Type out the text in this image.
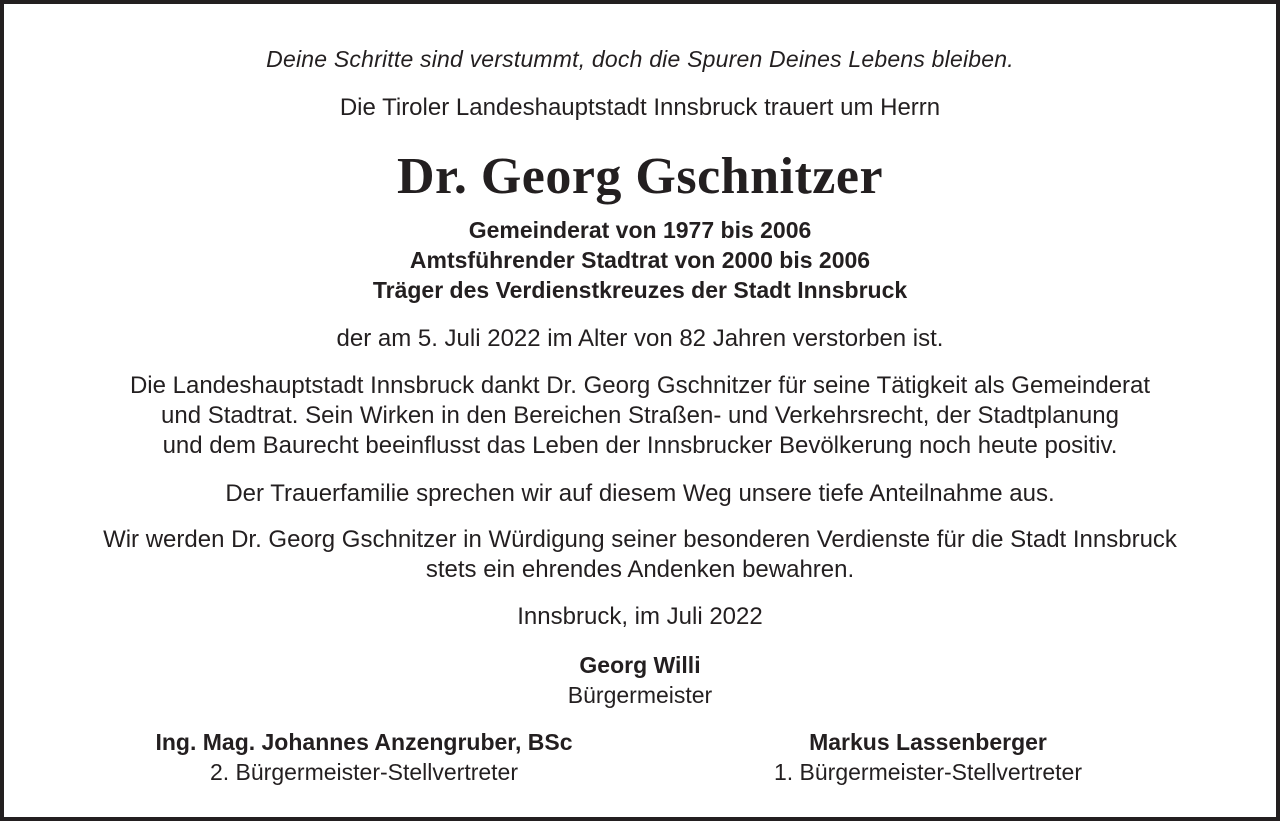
Deine Schritte sind verstummt, doch die Spuren Deines Lebens bleiben.
Die Tiroler Landeshauptstadt Innsbruck trauert um Herrn
Dr. Georg Gschnitzer
Gemeinderat von 1977 bis 2006
Amtsführender Stadtrat von 2000 bis 2006
Träger des Verdienstkreuzes der Stadt Innsbruck
der am 5. Juli 2022 im Alter von 82 Jahren verstorben ist.
Die Landeshauptstadt Innsbruck dankt Dr. Georg Gschnitzer für seine Tätigkeit als Gemeinderat
und Stadtrat. Sein Wirken in den Bereichen Straßen- und Verkehrsrecht, der Stadtplanung
und dem Baurecht beeinflusst das Leben der Innsbrucker Bevölkerung noch heute positiv.
Der Trauerfamilie sprechen wir auf diesem Weg unsere tiefe Anteilnahme aus.
Wir werden Dr. Georg Gschnitzer in Würdigung seiner besonderen Verdienste für die Stadt Innsbruck
stets ein ehrendes Andenken bewahren.
Innsbruck, im Juli 2022
Georg Willi
Bürgermeister
Ing. Mag. Johannes Anzengruber, BSc
2. Bürgermeister-Stellvertreter
Markus Lassenberger
1. Bürgermeister-Stellvertreter
